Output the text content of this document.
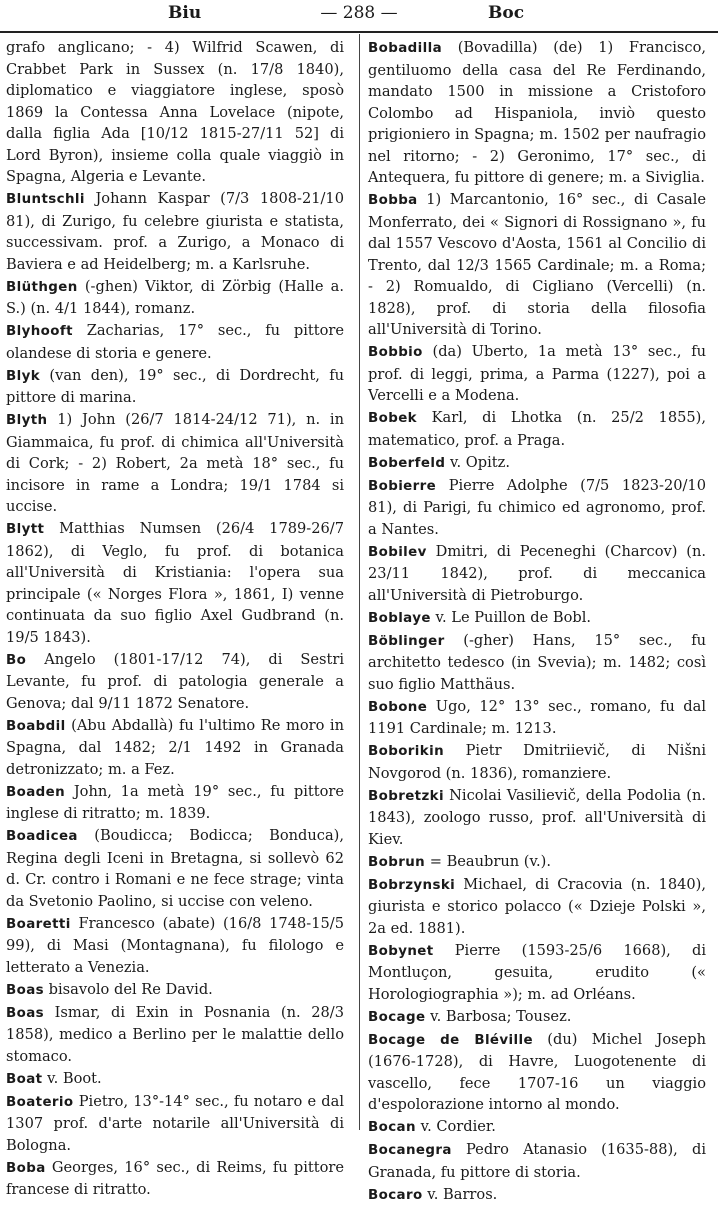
Biu	— 288 —	Boc

grafo anglicano; - 4) Wilfrid Scawen, di Crabbet Park in Sussex (n. 17/8 1840), diplomatico e viaggiatore inglese, sposò 1869 la Contessa Anna Lovelace (nipote, dalla figlia Ada [10/12 1815-27/11 52] di Lord Byron), insieme colla quale viaggiò in Spagna, Algeria e Levante.

Bluntschli Johann Kaspar (7/3 1808-21/10 81), di Zurigo, fu celebre giurista e statista, successivam. prof. a Zurigo, a Monaco di Baviera e ad Heidelberg; m. a Karlsruhe.

Blüthgen (-ghen) Viktor, di Zörbig (Halle a. S.) (n. 4/1 1844), romanz.

Blyhooft Zacharias, 17° sec., fu pittore olandese di storia e genere.

Blyk (van den), 19° sec., di Dordrecht, fu pittore di marina.

Blyth 1) John (26/7 1814-24/12 71), n. in Giammaica, fu prof. di chimica all'Università di Cork; - 2) Robert, 2a metà 18° sec., fu incisore in rame a Londra; 19/1 1784 si uccise.

Blytt Matthias Numsen (26/4 1789-26/7 1862), di Veglo, fu prof. di botanica all'Università di Kristiania: l'opera sua principale (« Norges Flora », 1861, I) venne continuata da suo figlio Axel Gudbrand (n. 19/5 1843).

Bo Angelo (1801-17/12 74), di Sestri Levante, fu prof. di patologia generale a Genova; dal 9/11 1872 Senatore.

Boabdil (Abu Abdallà) fu l'ultimo Re moro in Spagna, dal 1482; 2/1 1492 in Granada detronizzato; m. a Fez.

Boaden John, 1a metà 19° sec., fu pittore inglese di ritratto; m. 1839.

Boadicea (Boudicca; Bodicca; Bonduca), Regina degli Iceni in Bretagna, si sollevò 62 d. Cr. contro i Romani e ne fece strage; vinta da Svetonio Paolino, si uccise con veleno.

Boaretti Francesco (abate) (16/8 1748-15/5 99), di Masi (Montagnana), fu filologo e letterato a Venezia.

Boas bisavolo del Re David.

Boas Ismar, di Exin in Posnania (n. 28/3 1858), medico a Berlino per le malattie dello stomaco.

Boat v. Boot.

Boaterio Pietro, 13°-14° sec., fu notaro e dal 1307 prof. d'arte notarile all'Università di Bologna.

Boba Georges, 16° sec., di Reims, fu pittore francese di ritratto.

Bobadilla (Bovadilla) (de) 1) Francisco, gentiluomo della casa del Re Ferdinando, mandato 1500 in missione a Cristoforo Colombo ad Hispaniola, inviò questo prigioniero in Spagna; m. 1502 per naufragio nel ritorno; - 2) Geronimo, 17° sec., di Antequera, fu pittore di genere; m. a Siviglia.

Bobba 1) Marcantonio, 16° sec., di Casale Monferrato, dei « Signori di Rossignano », fu dal 1557 Vescovo d'Aosta, 1561 al Concilio di Trento, dal 12/3 1565 Cardinale; m. a Roma; - 2) Romualdo, di Cigliano (Vercelli) (n. 1828), prof. di storia della filosofia all'Università di Torino.

Bobbio (da) Uberto, 1a metà 13° sec., fu prof. di leggi, prima, a Parma (1227), poi a Vercelli e a Modena.

Bobek Karl, di Lhotka (n. 25/2 1855), matematico, prof. a Praga.

Boberfeld v. Opitz.

Bobierre Pierre Adolphe (7/5 1823-20/10 81), di Parigi, fu chimico ed agronomo, prof. a Nantes.

Bobilev Dmitri, di Peceneghi (Charcov) (n. 23/11 1842), prof. di meccanica all'Università di Pietroburgo.

Boblaye v. Le Puillon de Bobl.

Böblinger (-gher) Hans, 15° sec., fu architetto tedesco (in Svevia); m. 1482; così suo figlio Matthäus.

Bobone Ugo, 12° 13° sec., romano, fu dal 1191 Cardinale; m. 1213.

Boborikin Pietr Dmitriievič, di Nišni Novgorod (n. 1836), romanziere.

Bobretzki Nicolai Vasilievič, della Podolia (n. 1843), zoologo russo, prof. all'Università di Kiev.

Bobrun = Beaubrun (v.).

Bobrzynski Michael, di Cracovia (n. 1840), giurista e storico polacco (« Dzieje Polski », 2a ed. 1881).

Bobynet Pierre (1593-25/6 1668), di Montluçon, gesuita, erudito (« Horologiographia »); m. ad Orléans.

Bocage v. Barbosa; Tousez.

Bocage de Bléville (du) Michel Joseph (1676-1728), di Havre, Luogotenente di vascello, fece 1707-16 un viaggio d'espolorazione intorno al mondo.

Bocan v. Cordier.

Bocanegra Pedro Atanasio (1635-88), di Granada, fu pittore di storia.

Bocaro v. Barros.
